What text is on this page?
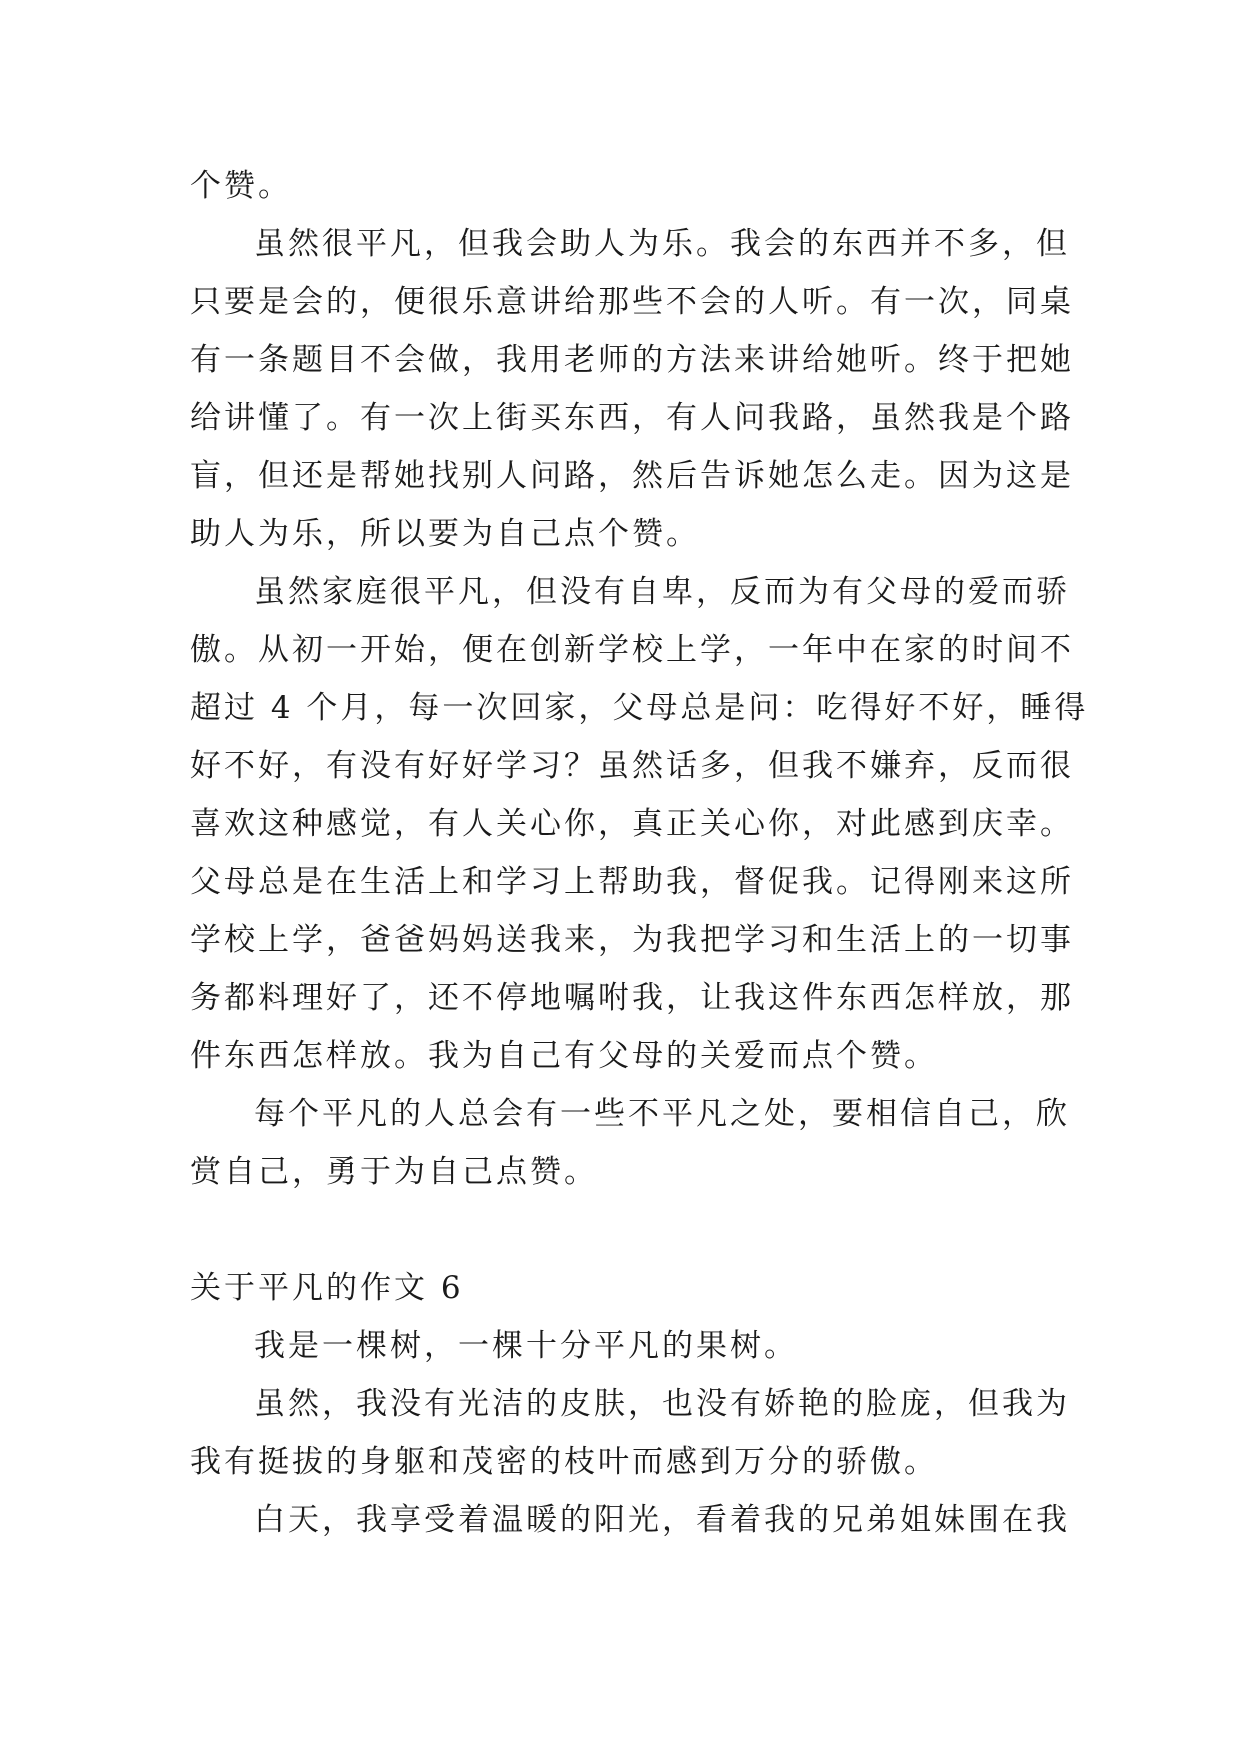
个赞。
虽然很平凡，但我会助人为乐。我会的东西并不多，但
只要是会的，便很乐意讲给那些不会的人听。有一次，同桌
有一条题目不会做，我用老师的方法来讲给她听。终于把她
给讲懂了。有一次上街买东西，有人问我路，虽然我是个路
盲，但还是帮她找别人问路，然后告诉她怎么走。因为这是
助人为乐，所以要为自己点个赞。
虽然家庭很平凡，但没有自卑，反而为有父母的爱而骄
傲。从初一开始，便在创新学校上学，一年中在家的时间不
超过 4 个月，每一次回家，父母总是问：吃得好不好，睡得
好不好，有没有好好学习？虽然话多，但我不嫌弃，反而很
喜欢这种感觉，有人关心你，真正关心你，对此感到庆幸。
父母总是在生活上和学习上帮助我，督促我。记得刚来这所
学校上学，爸爸妈妈送我来，为我把学习和生活上的一切事
务都料理好了，还不停地嘱咐我，让我这件东西怎样放，那
件东西怎样放。我为自己有父母的关爱而点个赞。
每个平凡的人总会有一些不平凡之处，要相信自己，欣
赏自己，勇于为自己点赞。
关于平凡的作文 6
我是一棵树，一棵十分平凡的果树。
虽然，我没有光洁的皮肤，也没有娇艳的脸庞，但我为
我有挺拔的身躯和茂密的枝叶而感到万分的骄傲。
白天，我享受着温暖的阳光，看着我的兄弟姐妹围在我
